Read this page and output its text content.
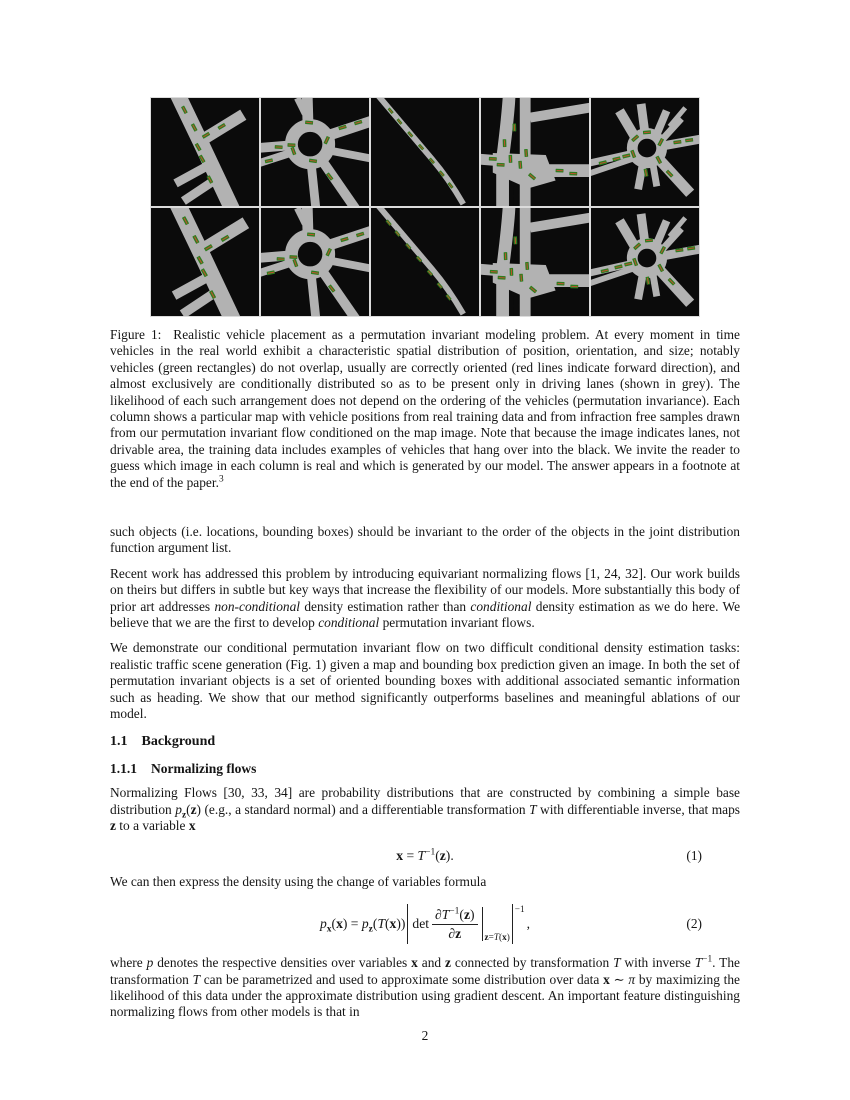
Figure 1:  Realistic vehicle placement as a permutation invariant modeling problem. At every moment in time vehicles in the real world exhibit a characteristic spatial distribution of position, orientation, and size; notably vehicles (green rectangles) do not overlap, usually are correctly oriented (red lines indicate forward direction), and almost exclusively are conditionally distributed so as to be present only in driving lanes (shown in grey). The likelihood of each such arrangement does not depend on the ordering of the vehicles (permutation invariance). Each column shows a particular map with vehicle positions from real training data and from infraction free samples drawn from our permutation invariant flow conditioned on the map image. Note that because the image indicates lanes, not drivable area, the training data includes examples of vehicles that hang over into the black. We invite the reader to guess which image in each column is real and which is generated by our model. The answer appears in a footnote at the end of the paper.$^3$

such objects (i.e. locations, bounding boxes) should be invariant to the order of the objects in the joint distribution function argument list.

Recent work has addressed this problem by introducing equivariant normalizing flows [1, 24, 32]. Our work builds on theirs but differs in subtle but key ways that increase the flexibility of our models. More substantially this body of prior art addresses non-conditional density estimation rather than conditional density estimation as we do here. We believe that we are the first to develop conditional permutation invariant flows.

We demonstrate our conditional permutation invariant flow on two difficult conditional density estimation tasks: realistic traffic scene generation (Fig. 1) given a map and bounding box prediction given an image. In both the set of permutation invariant objects is a set of oriented bounding boxes with additional associated semantic information such as heading. We show that our method significantly outperforms baselines and meaningful ablations of our model.

1.1 Background
1.1.1 Normalizing flows

Normalizing Flows [30, 33, 34] are probability distributions that are constructed by combining a simple base distribution $p_z(z)$ (e.g., a standard normal) and a differentiable transformation T with differentiable inverse, that maps z to a variable x

$x = T^{-1}(z)$.	(1)

We can then express the density using the change of variables formula

$p_x(x) = p_z(T(x))$ $\det \frac{\partial T^{-1}(z)}{\partial z} _{z=T(x)}$
$^{-1}$
,	(2)

where p denotes the respective densities over variables x and z connected by transformation T with inverse $T^{-1}$. The transformation T can be parametrized and used to approximate some distribution over data x ∼ π by maximizing the likelihood of this data under the approximate distribution using gradient descent. An important feature distinguishing normalizing flows from other models is that in

2
